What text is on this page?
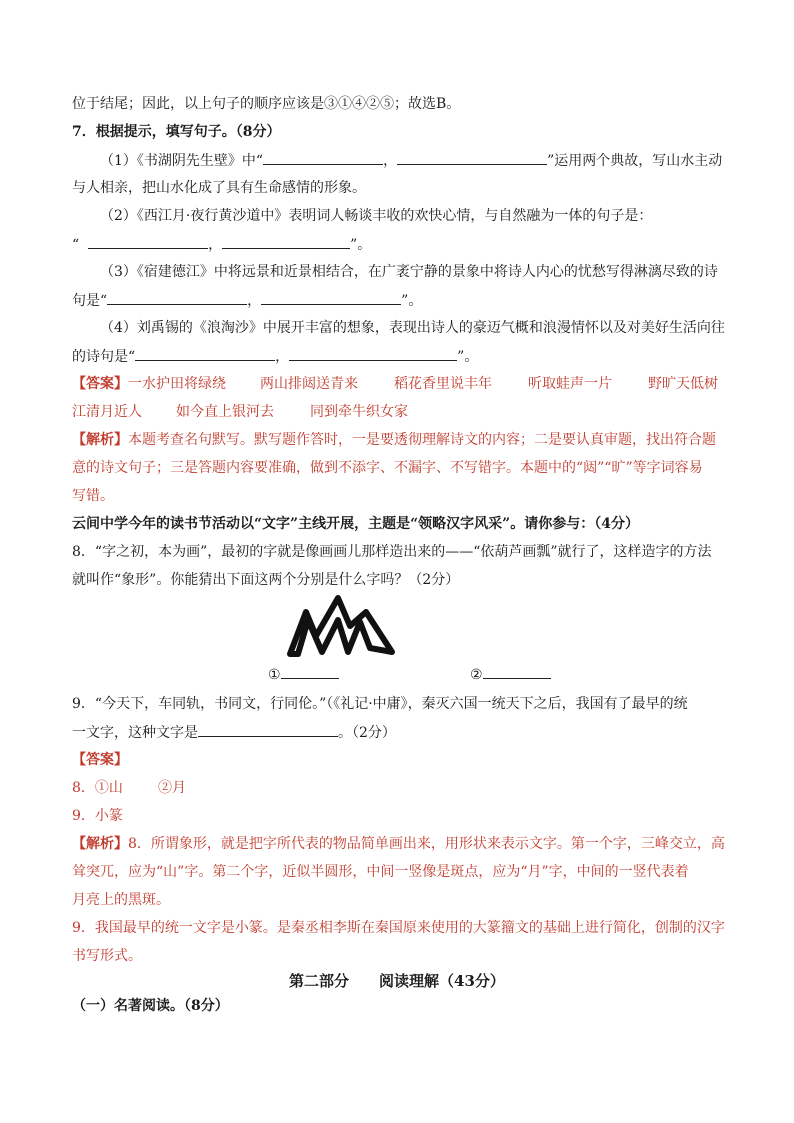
位于结尾；因此，以上句子的顺序应该是③①④②⑤；故选B。
7．根据提示，填写句子。（8分）
（1）《书湖阴先生壁》中“	，	”运用两个典故，写山水主动
与人相亲，把山水化成了具有生命感情的形象。
（2）《西江月·夜行黄沙道中》表明词人畅谈丰收的欢快心情，与自然融为一体的句子是：
“	，	”。
（3）《宿建德江》中将远景和近景相结合，在广袤宁静的景象中将诗人内心的忧愁写得淋漓尽致的诗
句是“	，	”。
（4）刘禹锡的《浪淘沙》中展开丰富的想象，表现出诗人的豪迈气概和浪漫情怀以及对美好生活向往
的诗句是“	，	”。
【答案】 一水护田将绿绕 两山排闼送青来	稻花香里说丰年	听取蛙声一片	野旷天低树
江清月近人 如今直上银河去	同到牵牛织女家
【解析】本题考查名句默写。默写题作答时，一是要透彻理解诗文的内容；二是要认真审题，找出符合题
意的诗文句子；三是答题内容要准确，做到不添字、不漏字、不写错字。本题中的“闼”“旷”等字词容易
写错。
云间中学今年的读书节活动以“文字”主线开展，主题是“领略汉字风采”。请你参与：（4分）
8．“字之初，本为画”，最初的字就是像画画儿那样造出来的——“依葫芦画瓢”就行了，这样造字的方法
就叫作“象形”。你能猜出下面这两个分别是什么字吗？（2分）
①	②
9．“今天下，车同轨，书同文，行同伦。”（《礼记·中庸》，秦灭六国一统天下之后，我国有了最早的统
一文字，这种文字是	。（2分）
【答案】
8．①山	②月
9．小篆
【解析】8．所谓象形，就是把字所代表的物品简单画出来，用形状来表示文字。第一个字，三峰交立，高
耸突兀，应为“山”字。第二个字，近似半圆形，中间一竖像是斑点，应为“月”字，中间的一竖代表着
月亮上的黑斑。
9．我国最早的统一文字是小篆。是秦丞相李斯在秦国原来使用的大篆籀文的基础上进行简化，创制的汉字
书写形式。
第二部分　　阅读理解（43分）
（一）名著阅读。（8分）
